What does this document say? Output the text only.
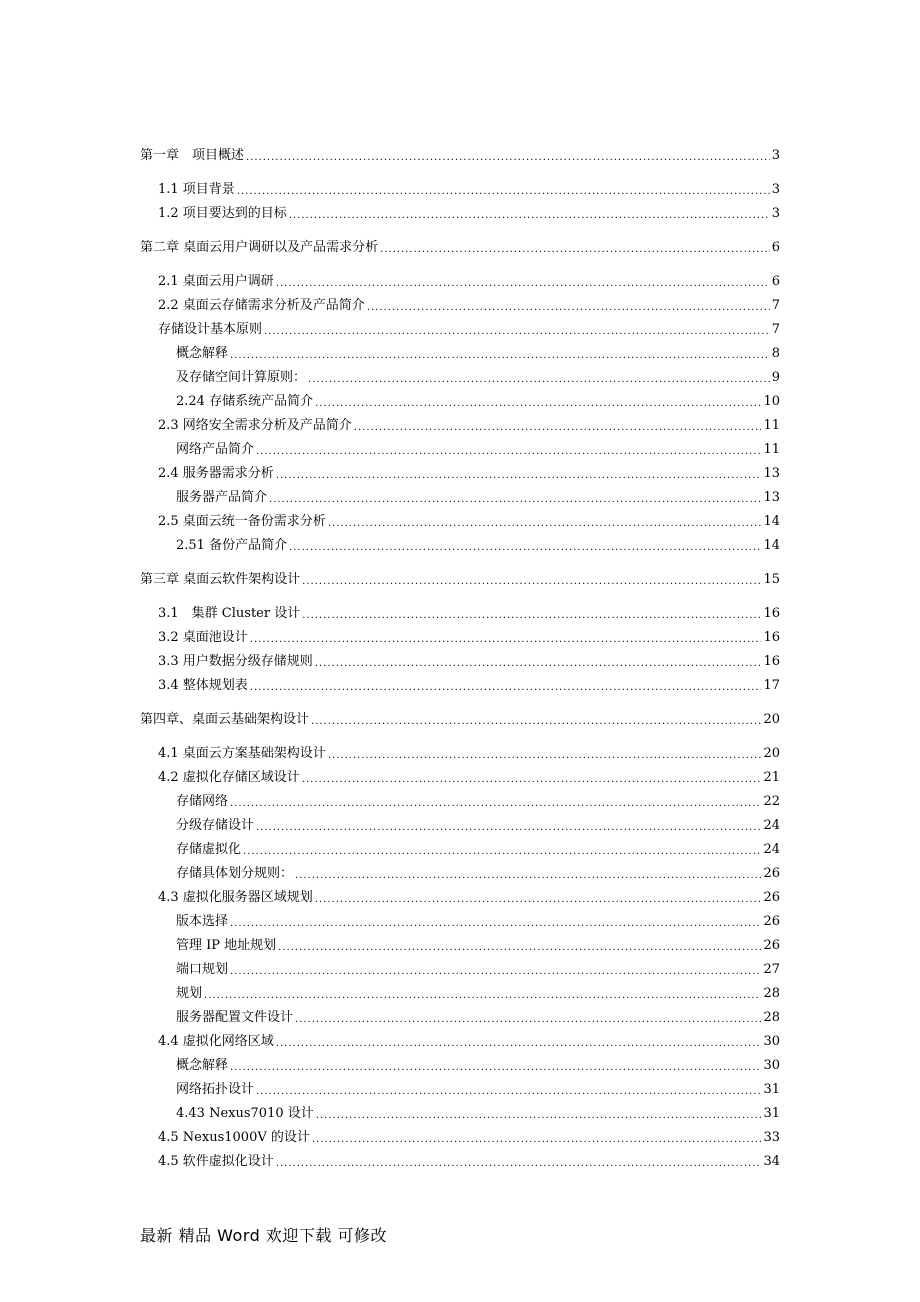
第一章　项目概述 .....	3
1.1 项目背景 .....	3
1.2 项目要达到的目标 .....	3
第二章 桌面云用户调研以及产品需求分析 .....	6
2.1 桌面云用户调研 .....	6
2.2 桌面云存储需求分析及产品简介 .....	7
存储设计基本原则 .....	7
概念解释 .....	8
及存储空间计算原则： .....	9
2.24 存储系统产品简介 .....	10
2.3 网络安全需求分析及产品简介 .....	11
网络产品简介 .....	11
2.4 服务器需求分析 .....	13
服务器产品简介 .....	13
2.5 桌面云统一备份需求分析 .....	14
2.51 备份产品简介 .....	14
第三章 桌面云软件架构设计 .....	15
3.1　集群 Cluster 设计 .....	16
3.2 桌面池设计 .....	16
3.3 用户数据分级存储规则 .....	16
3.4 整体规划表 .....	17
第四章、桌面云基础架构设计 .....	20
4.1 桌面云方案基础架构设计 .....	20
4.2 虚拟化存储区域设计 .....	21
存储网络 .....	22
分级存储设计 .....	24
存储虚拟化 .....	24
存储具体划分规则： .....	26
4.3 虚拟化服务器区域规划 .....	26
版本选择 .....	26
管理 IP 地址规划 .....	26
端口规划 .....	27
规划 .....	28
服务器配置文件设计 .....	28
4.4 虚拟化网络区域 .....	30
概念解释 .....	30
网络拓扑设计 .....	31
4.43 Nexus7010 设计 .....	31
4.5 Nexus1000V 的设计 .....	33
4.5 软件虚拟化设计 .....	34
最新 精品 Word 欢迎下载 可修改
